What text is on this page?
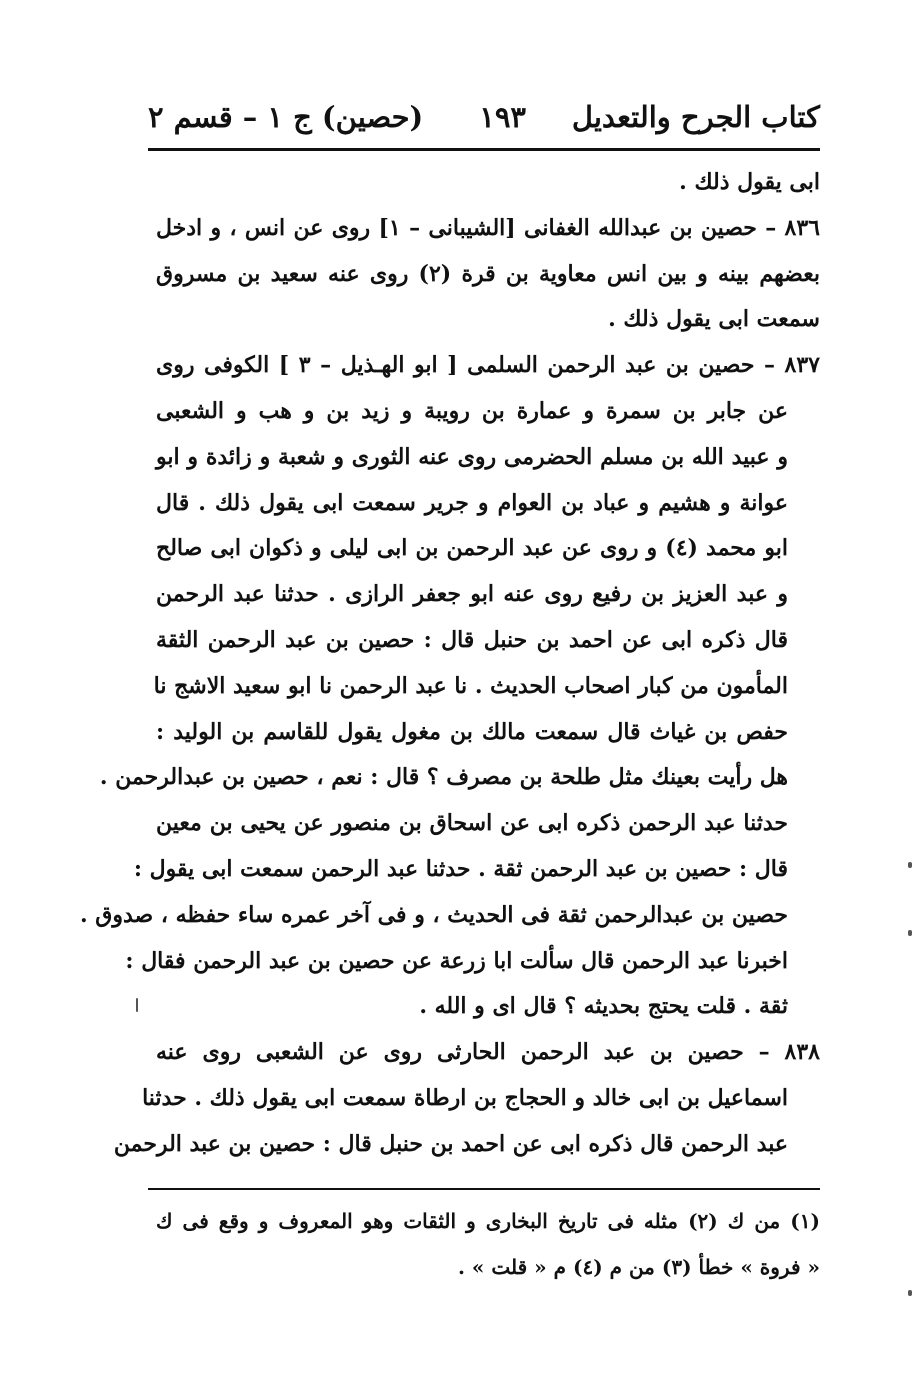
كتاب الجرح والتعديل
١٩٣
(حصين) ج ١ – قسم ٢
ابى يقول ذلك .
٨٣٦ – حصين بن عبدالله الغفانى [الشيبانى – ١] روى عن انس ، و ادخل
بعضهم بينه و بين انس معاوية بن قرة (٢) روى عنه سعيد بن مسروق
سمعت ابى يقول ذلك .
٨٣٧ – حصين بن عبد الرحمن السلمى [ ابو الهـذيل – ٣ ] الكوفى روى
عن جابر بن سمرة و عمارة بن رويبة و زيد بن و هب و الشعبى
و عبيد الله بن مسلم الحضرمى روى عنه الثورى و شعبة و زائدة و ابو
عوانة و هشيم و عباد بن العوام و جرير سمعت ابى يقول ذلك . قال
ابو محمد (٤) و روى عن عبد الرحمن بن ابى ليلى و ذكوان ابى صالح
و عبد العزيز بن رفيع روى عنه ابو جعفر الرازى . حدثنا عبد الرحمن
قال ذكره ابى عن احمد بن حنبل قال : حصين بن عبد الرحمن الثقة
المأمون من كبار اصحاب الحديث . نا عبد الرحمن نا ابو سعيد الاشج نا
حفص بن غياث قال سمعت مالك بن مغول يقول للقاسم بن الوليد :
هل رأيت بعينك مثل طلحة بن مصرف ؟ قال : نعم ، حصين بن عبدالرحمن .
حدثنا عبد الرحمن ذكره ابى عن اسحاق بن منصور عن يحيى بن معين
قال : حصين بن عبد الرحمن ثقة . حدثنا عبد الرحمن سمعت ابى يقول :
حصين بن عبدالرحمن ثقة فى الحديث ، و فى آخر عمره ساء حفظه ، صدوق .
اخبرنا عبد الرحمن قال سألت ابا زرعة عن حصين بن عبد الرحمن فقال :
ثقة . قلت يحتج بحديثه ؟ قال اى و الله .
٨٣٨ – حصين بن عبد الرحمن الحارثى روى عن الشعبى روى عنه
اسماعيل بن ابى خالد و الحجاج بن ارطاة سمعت ابى يقول ذلك . حدثنا
عبد الرحمن قال ذكره ابى عن احمد بن حنبل قال : حصين بن عبد الرحمن
(١) من ك (٢) مثله فى تاريخ البخارى و الثقات وهو المعروف و وقع فى ك
« فروة » خطأ (٣) من م (٤) م « قلت » .
